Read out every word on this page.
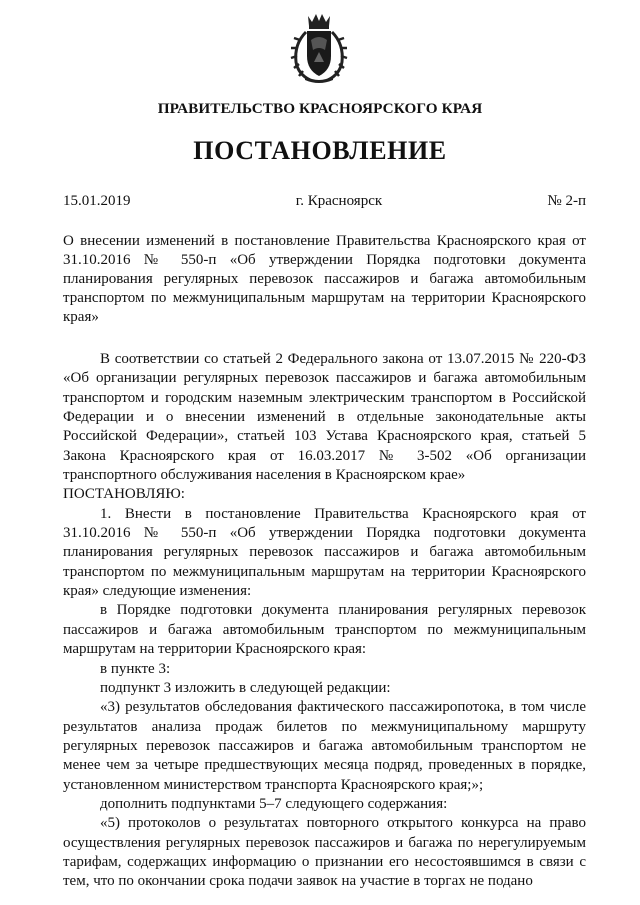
ПРАВИТЕЛЬСТВО КРАСНОЯРСКОГО КРАЯ
ПОСТАНОВЛЕНИЕ
15.01.2019	г. Красноярск	№ 2-п

О внесении изменений в постановление Правительства Красноярского края от 31.10.2016 № 550-п «Об утверждении Порядка подготовки документа планирования регулярных перевозок пассажиров и багажа автомобильным транспортом по межмуниципальным маршрутам на территории Красноярского края»

В соответствии со статьей 2 Федерального закона от 13.07.2015 № 220-ФЗ «Об организации регулярных перевозок пассажиров и багажа автомобильным транспортом и городским наземным электрическим транспортом в Российской Федерации и о внесении изменений в отдельные законодательные акты Российской Федерации», статьей 103 Устава Красноярского края, статьей 5 Закона Красноярского края от 16.03.2017 № 3-502 «Об организации транспортного обслуживания населения в Красноярском крае»

ПОСТАНОВЛЯЮ:

1. Внести в постановление Правительства Красноярского края от 31.10.2016 № 550-п «Об утверждении Порядка подготовки документа планирования регулярных перевозок пассажиров и багажа автомобильным транспортом по межмуниципальным маршрутам на территории Красноярского края» следующие изменения:

в Порядке подготовки документа планирования регулярных перевозок пассажиров и багажа автомобильным транспортом по межмуниципальным маршрутам на территории Красноярского края:

в пункте 3:

подпункт 3 изложить в следующей редакции:

«3) результатов обследования фактического пассажиропотока, в том числе результатов анализа продаж билетов по межмуниципальному маршруту регулярных перевозок пассажиров и багажа автомобильным транспортом не менее чем за четыре предшествующих месяца подряд, проведенных в порядке, установленном министерством транспорта Красноярского края;»;

дополнить подпунктами 5–7 следующего содержания:

«5) протоколов о результатах повторного открытого конкурса на право осуществления регулярных перевозок пассажиров и багажа по нерегулируемым тарифам, содержащих информацию о признании его несостоявшимся в связи с тем, что по окончании срока подачи заявок на участие в торгах не подано
